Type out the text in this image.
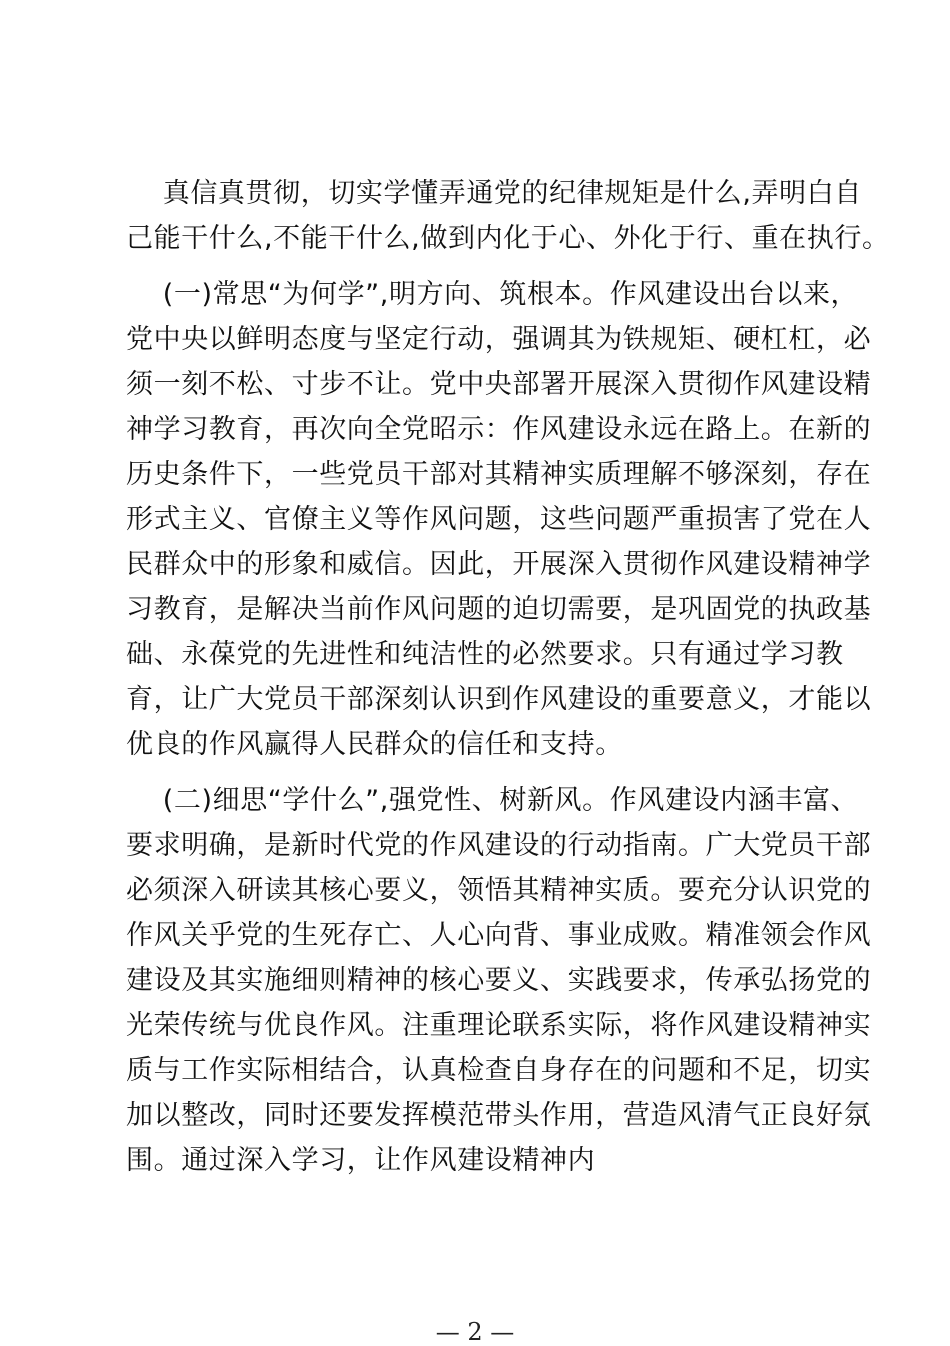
真信真贯彻，切实学懂弄通党的纪律规矩是什么,弄明白自
己能干什么,不能干什么,做到内化于心、外化于行、重在执行。
(一)常思“为何学”,明方向、筑根本。作风建设出台以来，
党中央以鲜明态度与坚定行动，强调其为铁规矩、硬杠杠，必
须一刻不松、寸步不让。党中央部署开展深入贯彻作风建设精
神学习教育，再次向全党昭示：作风建设永远在路上。在新的
历史条件下，一些党员干部对其精神实质理解不够深刻，存在
形式主义、官僚主义等作风问题，这些问题严重损害了党在人
民群众中的形象和威信。因此，开展深入贯彻作风建设精神学
习教育，是解决当前作风问题的迫切需要，是巩固党的执政基
础、永葆党的先进性和纯洁性的必然要求。只有通过学习教
育，让广大党员干部深刻认识到作风建设的重要意义，才能以
优良的作风赢得人民群众的信任和支持。
(二)细思“学什么”,强党性、树新风。作风建设内涵丰富、
要求明确，是新时代党的作风建设的行动指南。广大党员干部
必须深入研读其核心要义，领悟其精神实质。要充分认识党的
作风关乎党的生死存亡、人心向背、事业成败。精准领会作风
建设及其实施细则精神的核心要义、实践要求，传承弘扬党的
光荣传统与优良作风。注重理论联系实际，将作风建设精神实
质与工作实际相结合，认真检查自身存在的问题和不足，切实
加以整改，同时还要发挥模范带头作用，营造风清气正良好氛
围。通过深入学习，让作风建设精神内
— 2 —
